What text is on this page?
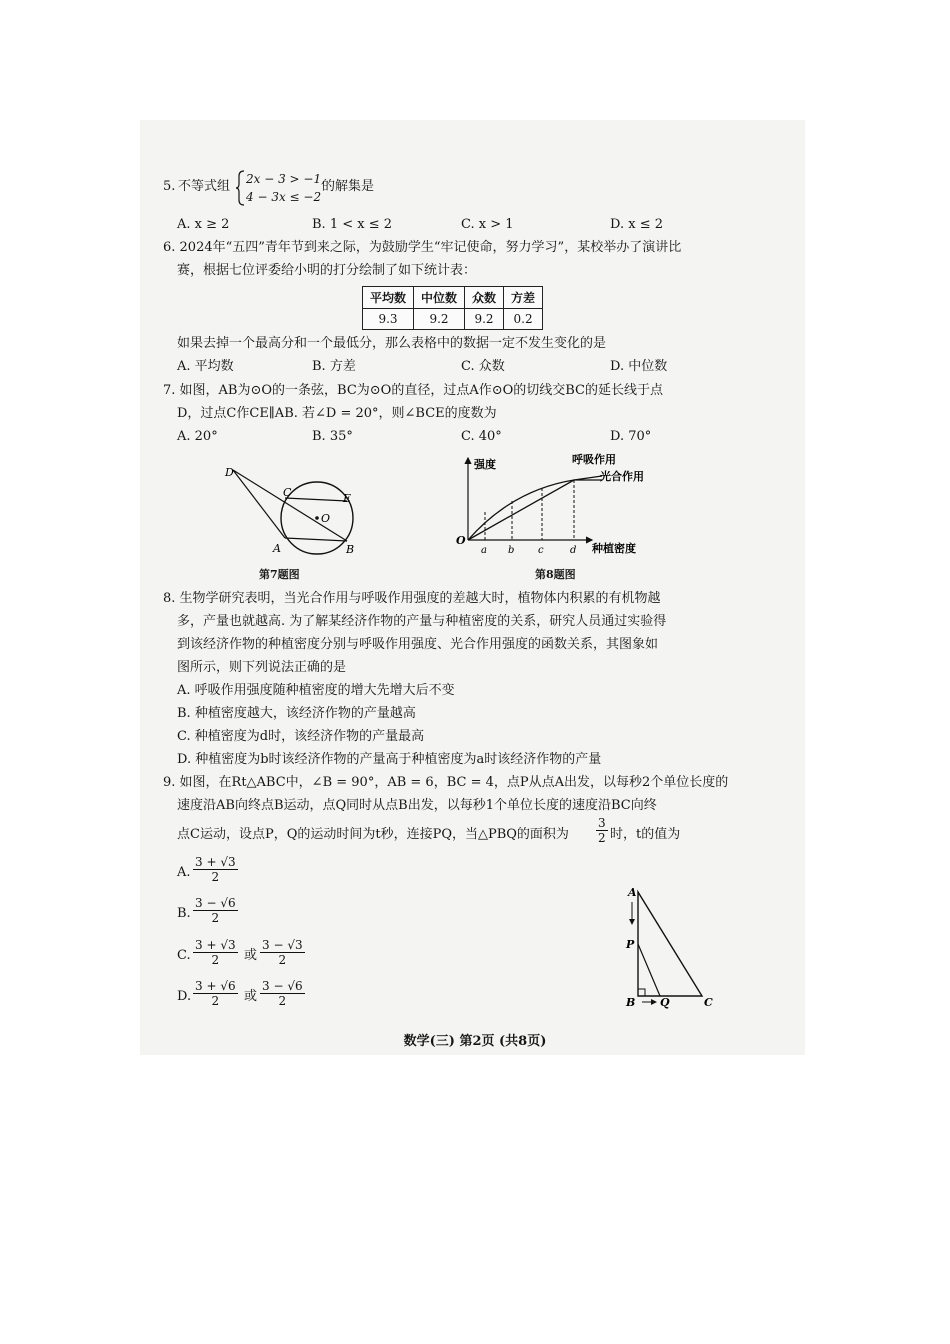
5. 不等式组 2x − 3 > −1,
4 − 3x ≤ −2
的解集是
A. x ≥ 2	B. 1 < x ≤ 2	C. x > 1	D. x ≤ 2
6. 2024年“五四”青年节到来之际，为鼓励学生“牢记使命，努力学习”，某校举办了演讲比
赛，根据七位评委给小明的打分绘制了如下统计表：
平均数	中位数	众数	方差
9.3	9.2	9.2	0.2
如果去掉一个最高分和一个最低分，那么表格中的数据一定不发生变化的是
A. 平均数	B. 方差	C. 众数	D. 中位数
7. 如图，AB为⊙O的一条弦，BC为⊙O的直径，过点A作⊙O的切线交BC的延长线于点
D，过点C作CE∥AB. 若∠D = 20°，则∠BCE的度数为
A. 20°	B. 35°	C. 40°	D. 70°
D
C	E
O
A	B
第7题图
O
强度
种植密度
呼吸作用
光合作用
a b c	d
第8题图
8. 生物学研究表明，当光合作用与呼吸作用强度的差越大时，植物体内积累的有机物越
多，产量也就越高. 为了解某经济作物的产量与种植密度的关系，研究人员通过实验得
到该经济作物的种植密度分别与呼吸作用强度、光合作用强度的函数关系，其图象如
图所示，则下列说法正确的是
A. 呼吸作用强度随种植密度的增大先增大后不变
B. 种植密度越大，该经济作物的产量越高
C. 种植密度为d时，该经济作物的产量最高
D. 种植密度为b时该经济作物的产量高于种植密度为a时该经济作物的产量
9. 如图，在Rt△ABC中，∠B = 90°，AB = 6，BC = 4，点P从点A出发，以每秒2个单位长度的
速度沿AB向终点B运动，点Q同时从点B出发，以每秒1个单位长度的速度沿BC向终
点C运动，设点P，Q的运动时间为t秒，连接PQ，当△PBQ的面积为 $\frac{3}{2}$ 时，t的值为
A. $\frac{3 + √3}{2}$
B. $\frac{3 - √6}{2}$
C. $\frac{3 + √3}{2}$ 或 $\frac{3 - √3}{2}$
D. $\frac{3 + √6}{2}$ 或 $\frac{3 - √6}{2}$
A
P
B Q	C
数学(三) 第2页 (共8页)
